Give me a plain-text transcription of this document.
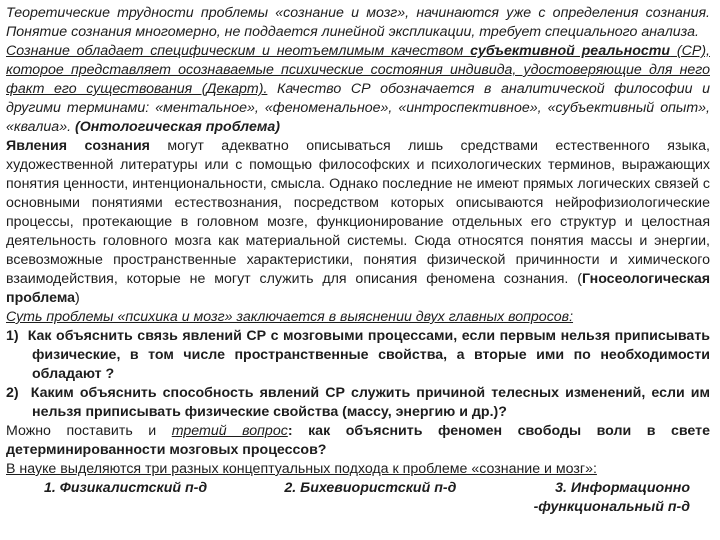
Теоретические трудности проблемы «сознание и мозг», начинаются уже с определения сознания. Понятие сознания многомерно, не поддается линейной экспликации, требует специального анализа.

Сознание обладает специфическим и неотъемлимым качеством субъективной реальности (СР), которое представляет осознаваемые психические состояния индивида, удостоверяющие для него факт его существования (Декарт). Качество СР обозначается в аналитической философии и другими терминами: «ментальное», «феноменальное», «интроспективное», «субъективный опыт», «квалиа». (Онтологическая проблема)

Явления сознания могут адекватно описываться лишь средствами естественного языка, художественной литературы или с помощью философских и психологических терминов, выражающих понятия ценности, интенциональности, смысла. Однако последние не имеют прямых логических связей с основными понятиями естествознания, посредством которых описываются нейрофизиологические процессы, протекающие в головном мозге, функционирование отдельных его структур и целостная деятельность головного мозга как материальной системы. Сюда относятся понятия массы и энергии, всевозможные пространственные характеристики, понятия физической причинности и химического взаимодействия, которые не могут служить для описания феномена сознания. (Гносеологическая проблема)

Суть проблемы «психика и мозг» заключается в выяснении двух главных вопросов:

1) Как объяснить связь явлений СР с мозговыми процессами, если первым нельзя приписывать физические, в том числе пространственные свойства, а вторые ими по необходимости обладают ?

2) Каким объяснить способность явлений СР служить причиной телесных изменений, если им нельзя приписывать физические свойства (массу, энергию и др.)?

Можно поставить и третий вопрос: как объяснить феномен свободы воли в свете детерминированности мозговых процессов?

В науке выделяются три разных концептуальных подхода к проблеме «сознание и мозг»:

1. Физикалистский п-д	2. Бихевиористский п-д	3. Информационно
-функциональный п-д
